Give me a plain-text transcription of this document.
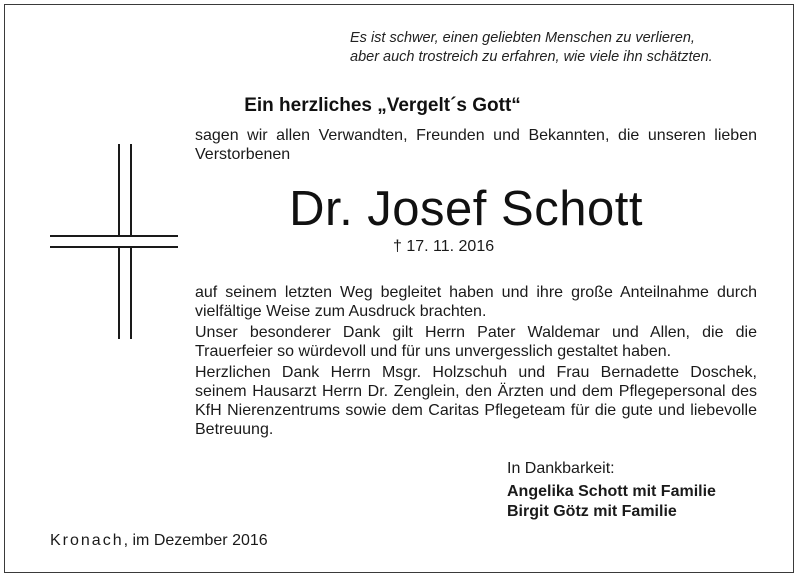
Es ist schwer, einen geliebten Menschen zu verlieren,
aber auch trostreich zu erfahren, wie viele ihn schätzten.
Ein herzliches „Vergelt´s Gott“
sagen wir allen Verwandten, Freunden und Bekannten, die unseren lieben Verstorbenen
Dr. Josef Schott
† 17. 11. 2016

auf seinem letzten Weg begleitet haben und ihre große Anteilnahme durch vielfältige Weise zum Ausdruck brachten.

Unser besonderer Dank gilt Herrn Pater Waldemar und Allen, die die Trauerfeier so würdevoll und für uns unvergesslich gestaltet haben.

Herzlichen Dank Herrn Msgr. Holzschuh und Frau Bernadette Doschek, seinem Hausarzt Herrn Dr. Zenglein, den Ärzten und dem Pflegepersonal des KfH Nierenzentrums sowie dem Caritas Pflegeteam für die gute und liebevolle Betreuung.

In Dankbarkeit:
Angelika Schott mit Familie
Birgit Götz mit Familie
Kronach, im Dezember 2016
